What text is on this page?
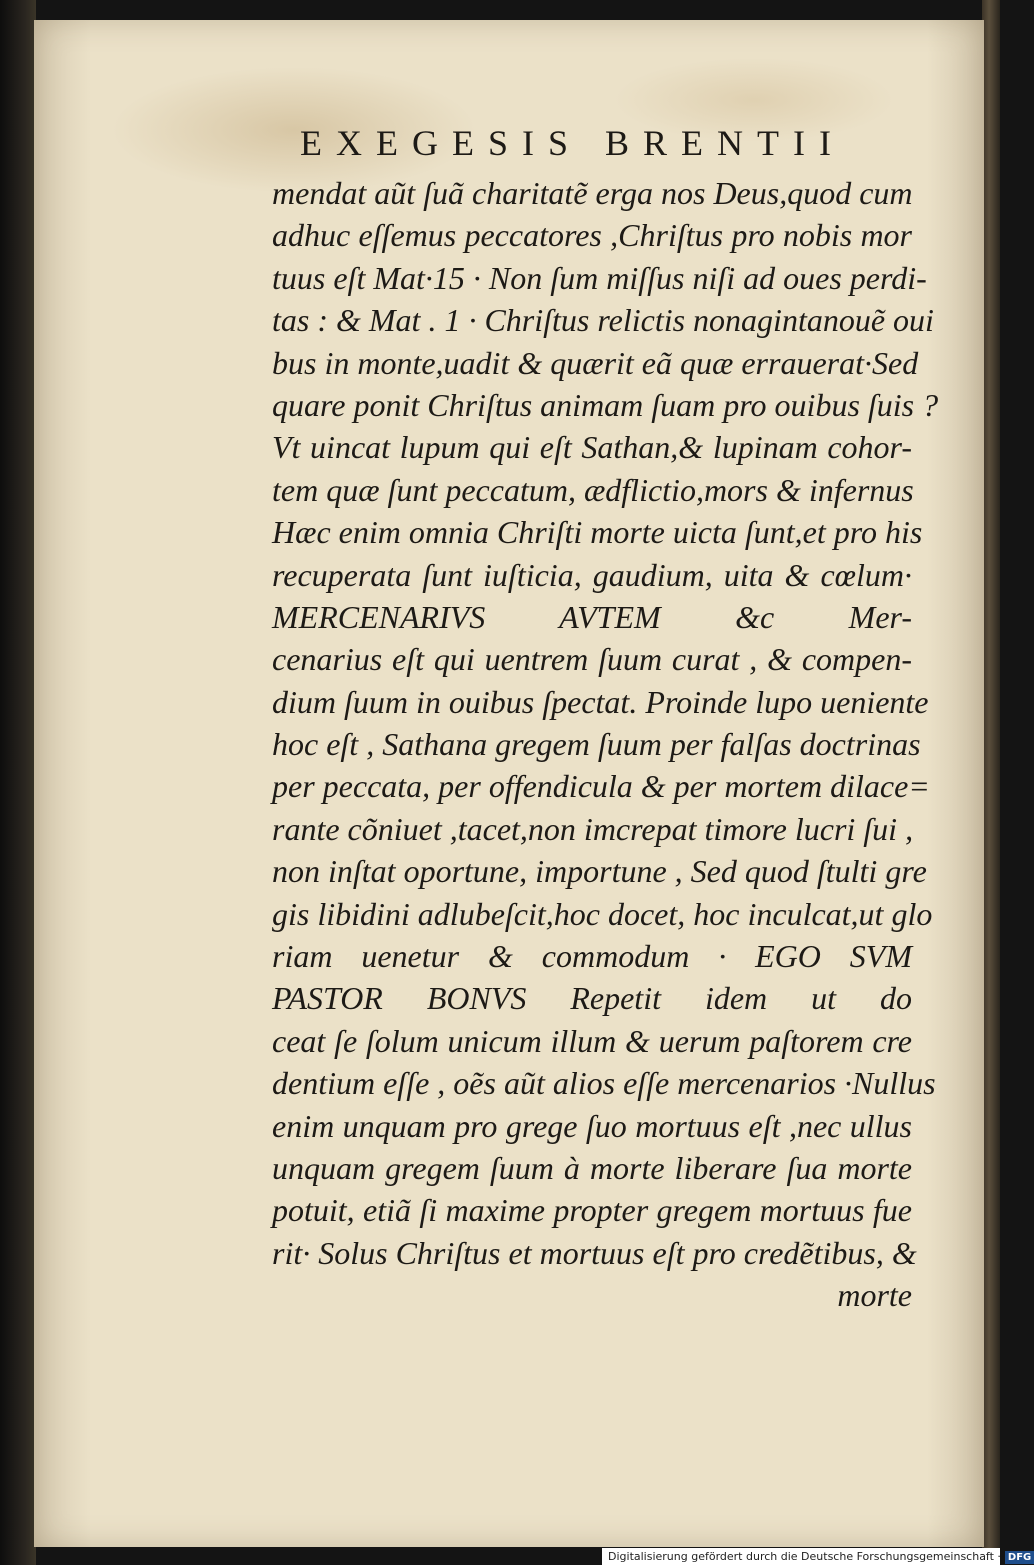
EXEGESIS BRENTII
mendat aũt ſuã charitatẽ erga nos Deus,quod cum
adhuc eſſemus peccatores ,Chriſtus pro nobis mor
tuus eſt Mat·15 · Non ſum miſſus niſi ad oues perdi-
tas : & Mat . 1 · Chriſtus relictis nonagintanouẽ oui
bus in monte,uadit & quærit eã quæ errauerat·Sed
quare ponit Chriſtus animam ſuam pro ouibus ſuis ?
Vt uincat lupum qui eſt Sathan,& lupinam cohor-
tem quæ ſunt peccatum, ædflictio,mors & infernus
Hæc enim omnia Chriſti morte uicta ſunt,et pro his
recuperata ſunt iuſticia, gaudium, uita & cœlum·
MERCENARIVS AVTEM &c Mer-
cenarius eſt qui uentrem ſuum curat , & compen-
dium ſuum in ouibus ſpectat. Proinde lupo ueniente
hoc eſt , Sathana gregem ſuum per falſas doctrinas
per peccata, per offendicula & per mortem dilace=
rante cõniuet ,tacet,non imcrepat timore lucri ſui ,
non inſtat oportune, importune , Sed quod ſtulti gre
gis libidini adlubeſcit,hoc docet, hoc inculcat,ut glo
riam uenetur & commodum · EGO SVM
PASTOR BONVS Repetit idem ut do
ceat ſe ſolum unicum illum & uerum paſtorem cre
dentium eſſe , oẽs aũt alios eſſe mercenarios ·Nullus
enim unquam pro grege ſuo mortuus eſt ,nec ullus
unquam gregem ſuum à morte liberare ſua morte
potuit, etiã ſi maxime propter gregem mortuus fue
rit· Solus Chriſtus et mortuus eſt pro credẽtibus, &
morte
Digitalisierung gefördert durch die Deutsche Forschungsgemeinschaft · DFG
